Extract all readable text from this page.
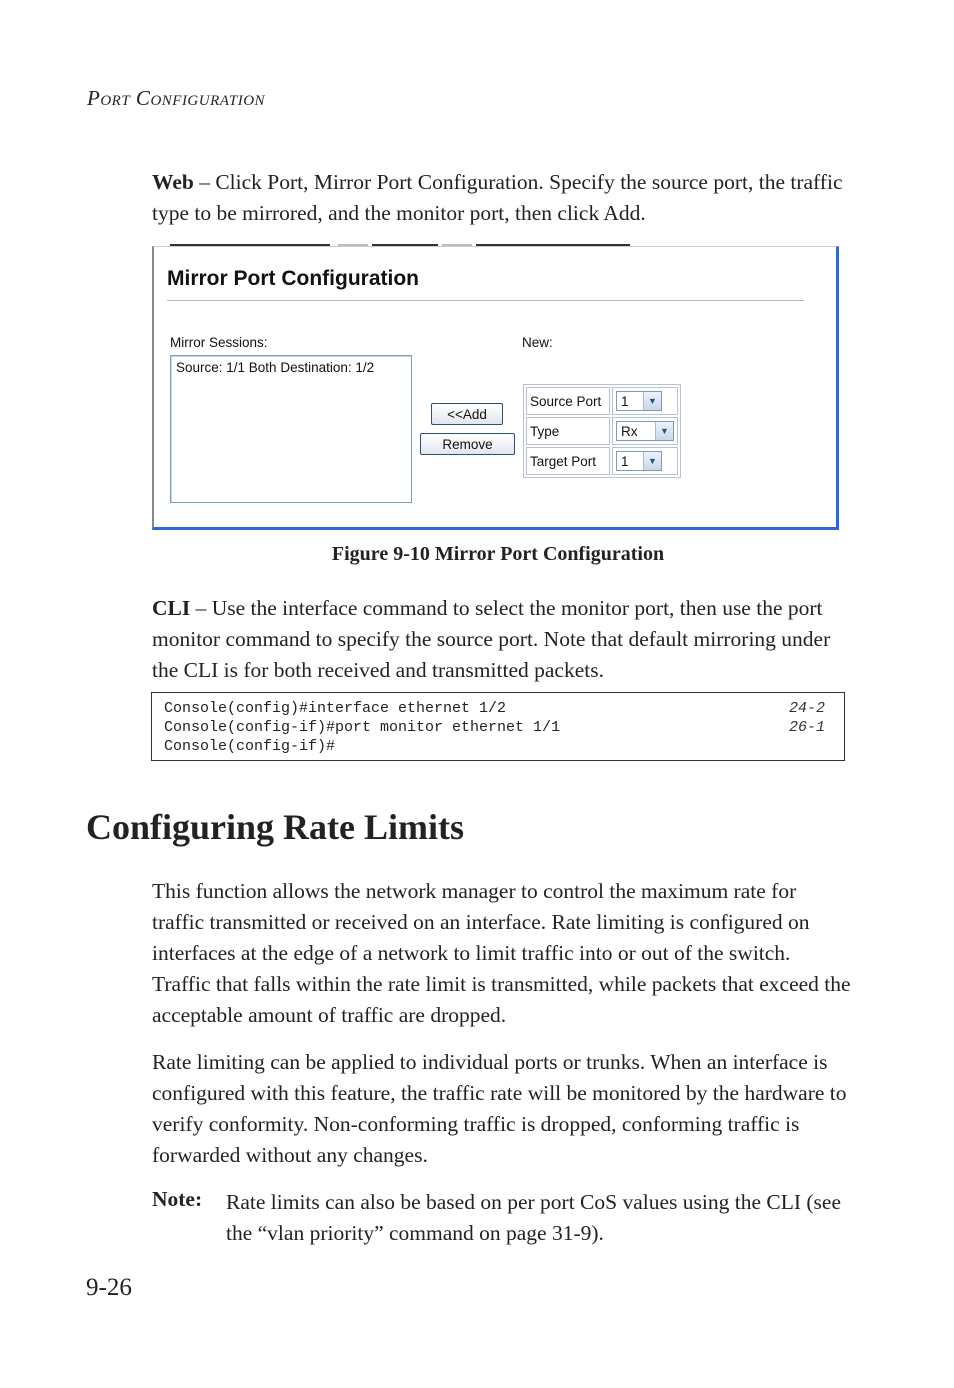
PORT CONFIGURATION
Web – Click Port, Mirror Port Configuration. Specify the source port, the traffic type to be mirrored, and the monitor port, then click Add.
Mirror Port Configuration
Mirror Sessions:	New:
Source: 1/1 Both Destination: 1/2
<<Add
Remove
Source Port	1 ▼

Type	Rx ▼

Target Port	1 ▼
Figure 9-10 Mirror Port Configuration
CLI – Use the interface command to select the monitor port, then use the port monitor command to specify the source port. Note that default mirroring under the CLI is for both received and transmitted packets.
Console(config)#interface ethernet 1/2	24-2
Console(config-if)#port monitor ethernet 1/1	26-1
Console(config-if)#
Configuring Rate Limits
This function allows the network manager to control the maximum rate for traffic transmitted or received on an interface. Rate limiting is configured on interfaces at the edge of a network to limit traffic into or out of the switch. Traffic that falls within the rate limit is transmitted, while packets that exceed the acceptable amount of traffic are dropped.
Rate limiting can be applied to individual ports or trunks. When an interface is configured with this feature, the traffic rate will be monitored by the hardware to verify conformity. Non-conforming traffic is dropped, conforming traffic is forwarded without any changes.
Note: Rate limits can also be based on per port CoS values using the CLI (see the “vlan priority” command on page 31-9).
9-26
